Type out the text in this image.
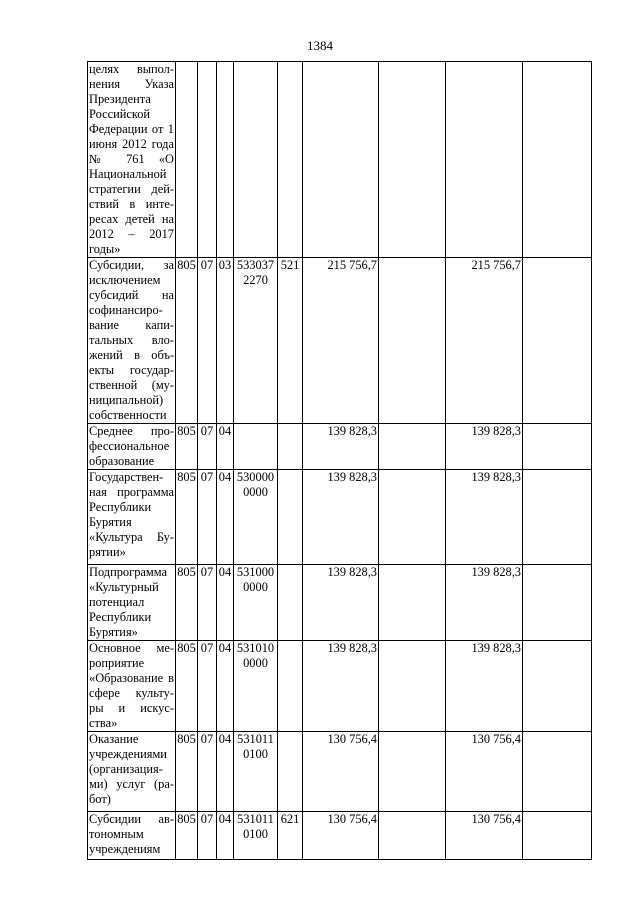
1384
целях выпол-нения Указа Президента Российской Федерации от 1 июня 2012 года № 761 «О Национальной стратегии дей-ствий в инте-ресах детей на 2012 – 2017 годы»									
Субсидии, за исключением субсидий на софинансиро-вание капи-тальных вло-жений в объ-екты государ-ственной (му-ниципальной) собственности	805	07	03	5330372270	521	215 756,7		215 756,7	
Среднее про-фессиональное образование	805	07	04			139 828,3		139 828,3	
Государствен-ная программа Республики Бурятия «Культура Бу-рятии»	805	07	04	5300000000		139 828,3		139 828,3	
Подпрограмма «Культурный потенциал Республики Бурятия»	805	07	04	5310000000		139 828,3		139 828,3	
Основное ме-роприятие «Образование в сфере культу-ры и искус-ства»	805	07	04	5310100000		139 828,3		139 828,3	
Оказание учреждениями (организация-ми) услуг (ра-бот)	805	07	04	5310110100		130 756,4		130 756,4	
Субсидии ав-тономным учреждениям	805	07	04	5310110100	621	130 756,4		130 756,4	
